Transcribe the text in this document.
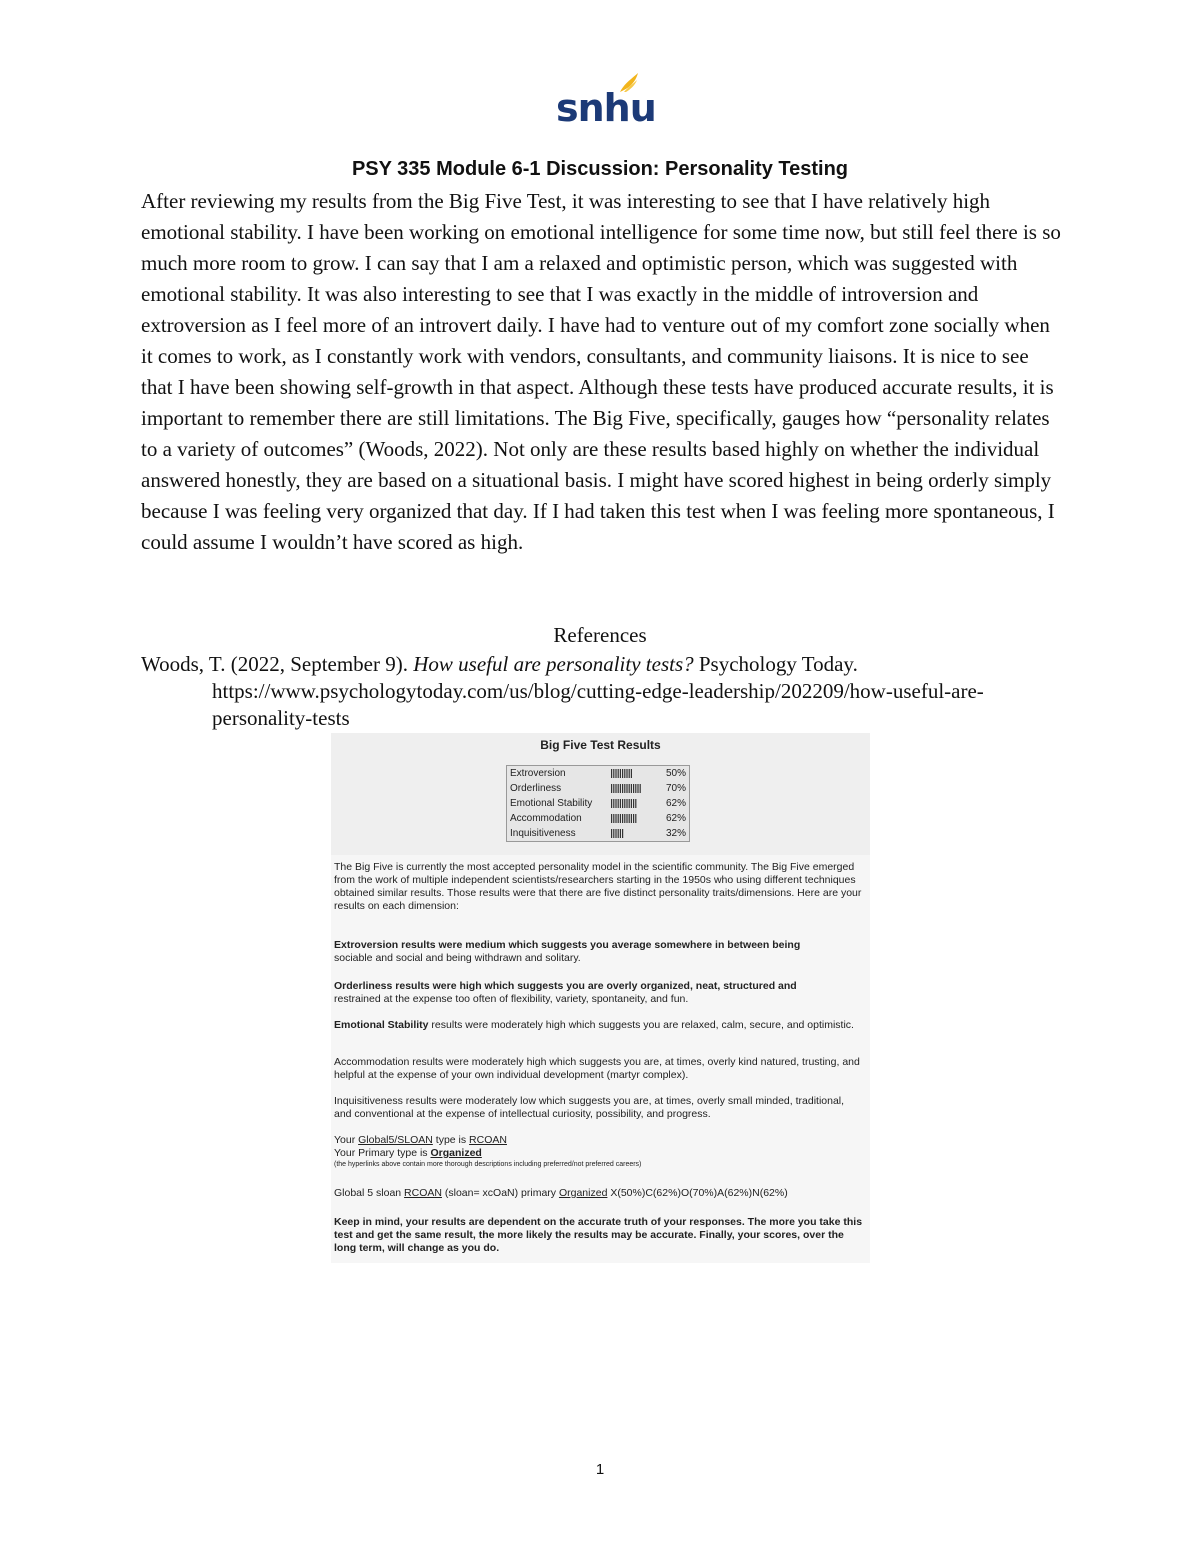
snhu
PSY 335 Module 6-1 Discussion: Personality Testing

After reviewing my results from the Big Five Test, it was interesting to see that I have relatively high emotional stability. I have been working on emotional intelligence for some time now, but still feel there is so much more room to grow. I can say that I am a relaxed and optimistic person, which was suggested with emotional stability. It was also interesting to see that I was exactly in the middle of introversion and extroversion as I feel more of an introvert daily. I have had to venture out of my comfort zone socially when it comes to work, as I constantly work with vendors, consultants, and community liaisons. It is nice to see that I have been showing self-growth in that aspect. Although these tests have produced accurate results, it is important to remember there are still limitations. The Big Five, specifically, gauges how “personality relates to a variety of outcomes” (Woods, 2022). Not only are these results based highly on whether the individual answered honestly, they are based on a situational basis. I might have scored highest in being orderly simply because I was feeling very organized that day. If I had taken this test when I was feeling more spontaneous, I could assume I wouldn’t have scored as high.

References
Woods, T. (2022, September 9). How useful are personality tests? Psychology Today.
https://www.psychologytoday.com/us/blog/cutting-edge-leadership/202209/how-useful-are-personality-tests
Big Five Test Results
Extroversion	50%
Orderliness	70%
Emotional Stability	62%
Accommodation	62%
Inquisitiveness	32%

The Big Five is currently the most accepted personality model in the scientific community. The Big Five emerged from the work of multiple independent scientists/researchers starting in the 1950s who using different techniques obtained similar results. Those results were that there are five distinct personality traits/dimensions. Here are your results on each dimension:

Extroversion results were medium which suggests you average somewhere in between being
sociable and social and being withdrawn and solitary.

Orderliness results were high which suggests you are overly organized, neat, structured and
restrained at the expense too often of flexibility, variety, spontaneity, and fun.

Emotional Stability results were moderately high which suggests you are relaxed, calm, secure, and optimistic.

Accommodation results were moderately high which suggests you are, at times, overly kind natured, trusting, and helpful at the expense of your own individual development (martyr complex).

Inquisitiveness results were moderately low which suggests you are, at times, overly small minded, traditional, and conventional at the expense of intellectual curiosity, possibility, and progress.

Your Global5/SLOAN type is RCOAN

Your Primary type is Organized

(the hyperlinks above contain more thorough descriptions including preferred/not preferred careers)

Global 5 sloan RCOAN (sloan= xcOaN) primary Organized X(50%)C(62%)O(70%)A(62%)N(62%)

Keep in mind, your results are dependent on the accurate truth of your responses. The more you take this test and get the same result, the more likely the results may be accurate. Finally, your scores, over the long term, will change as you do.

1
